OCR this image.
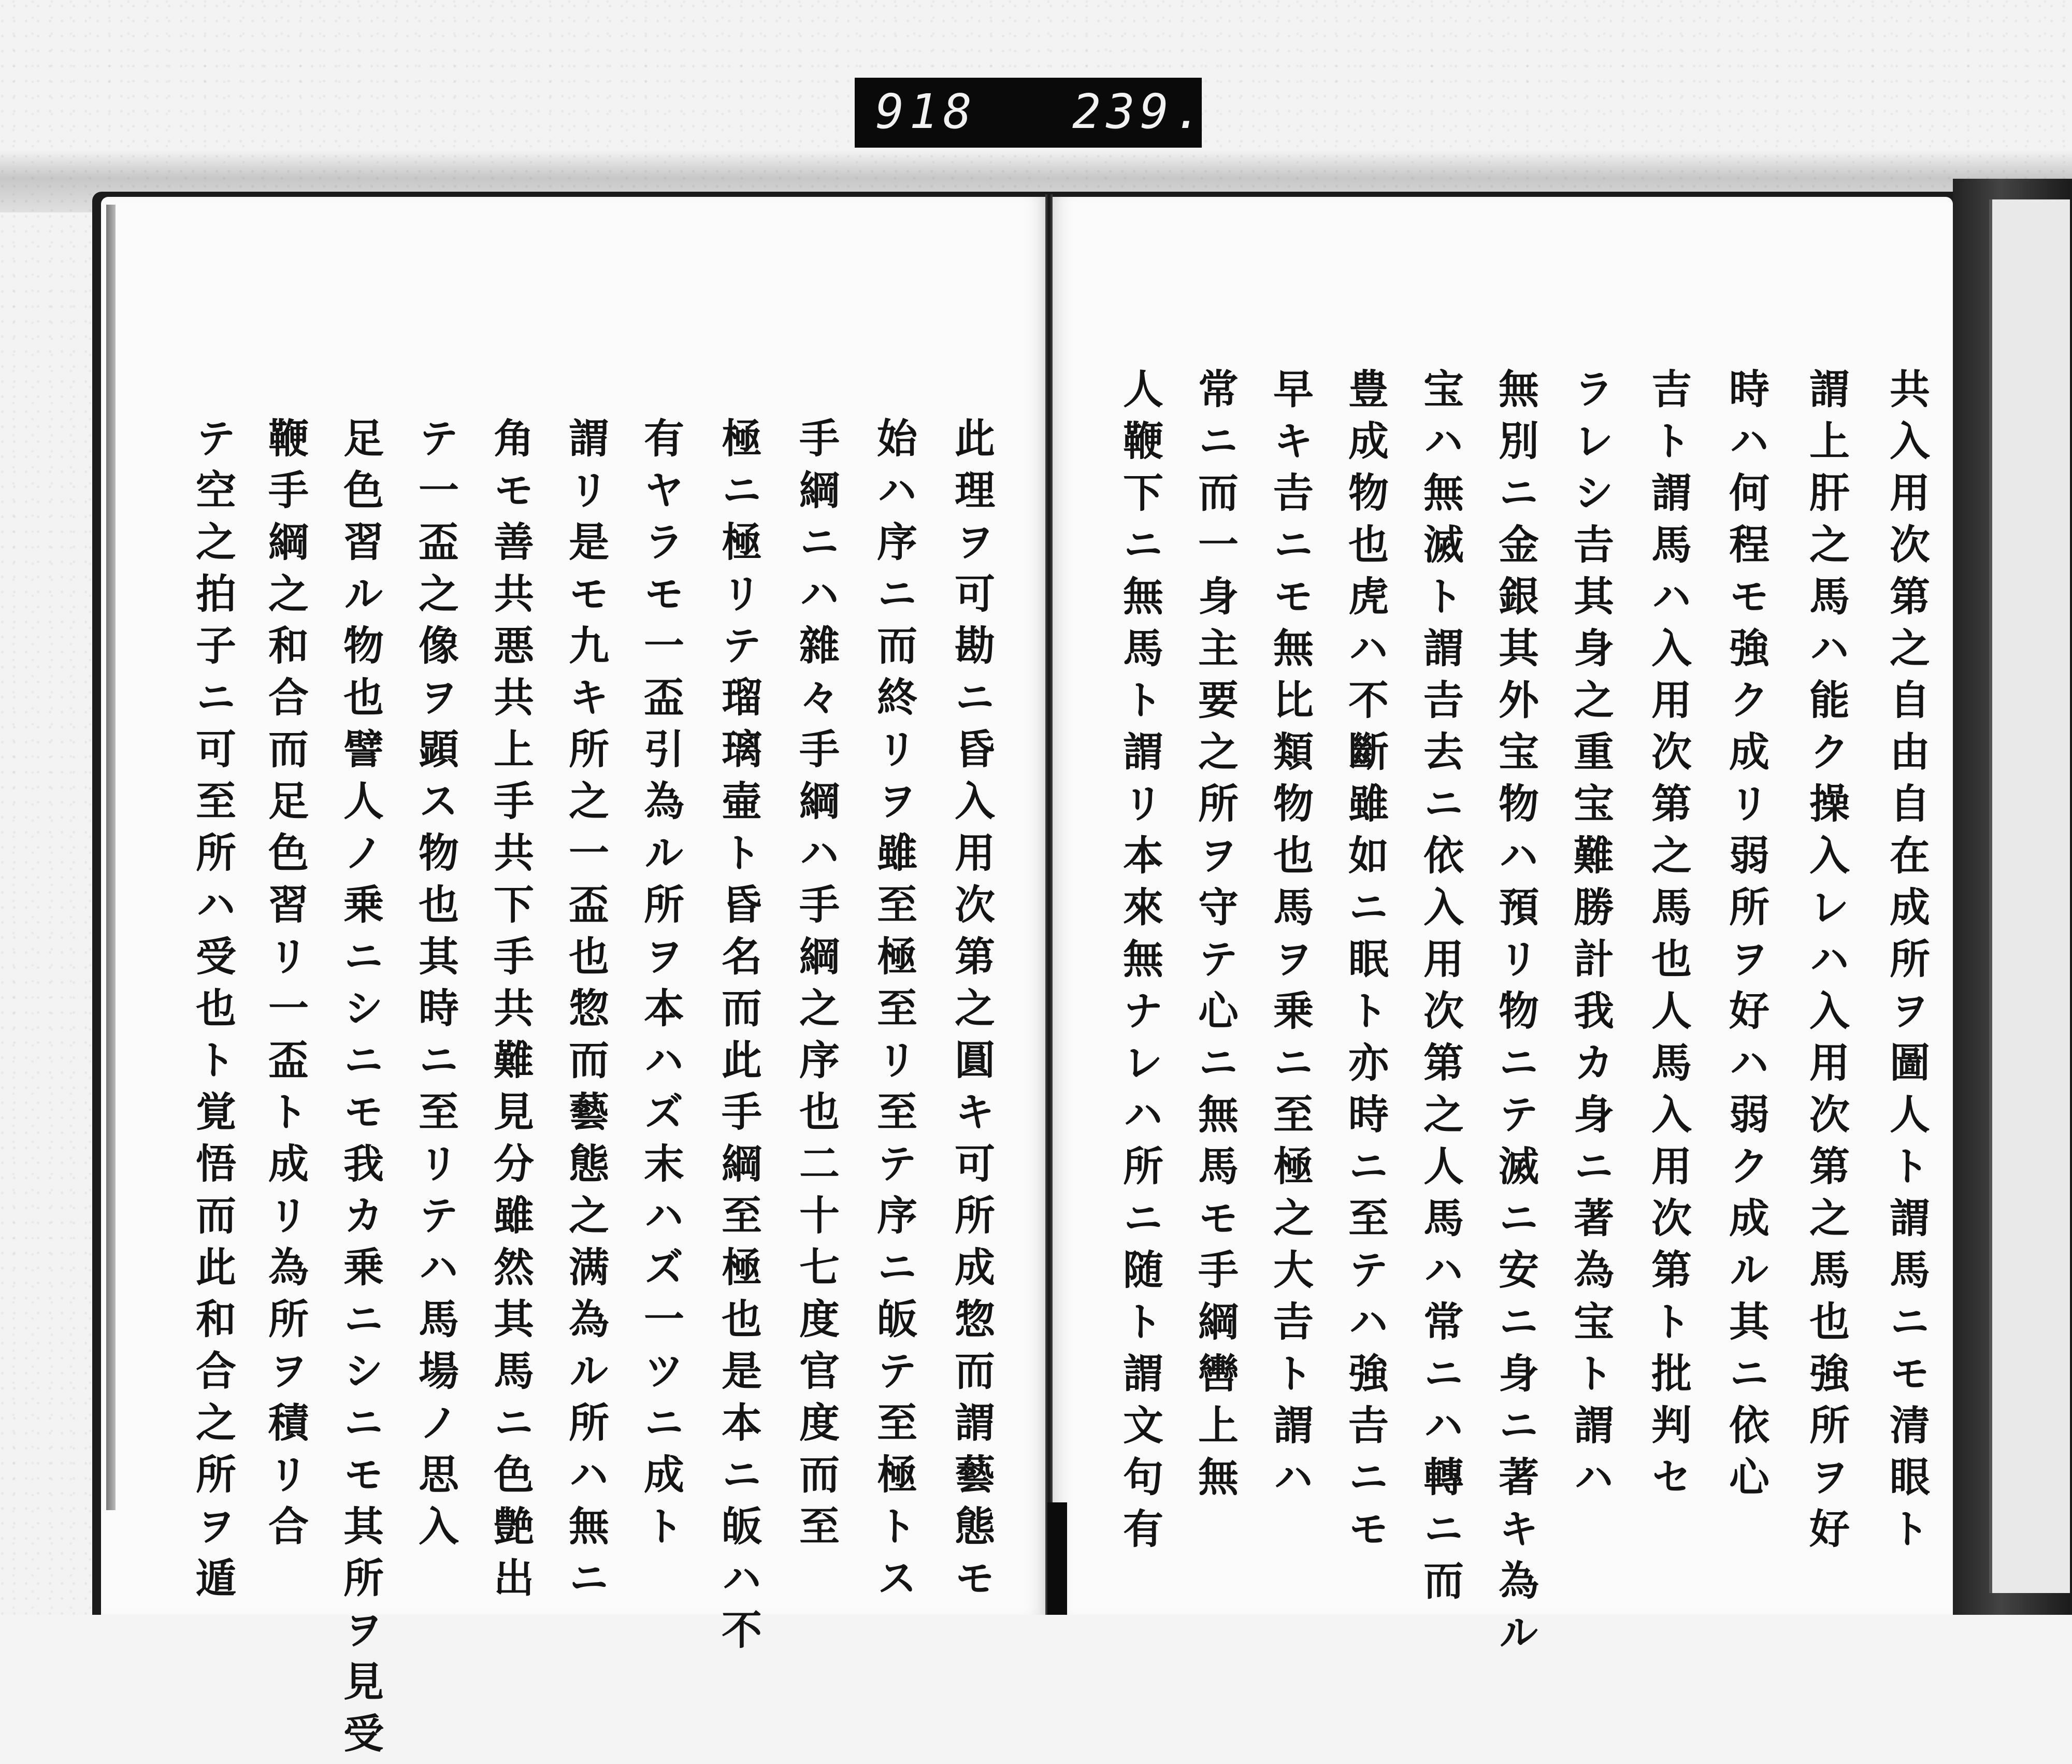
918 239.
此理ヲ可勘ニ昏入用次第之圓キ可所成惣而謂藝態モ
始ハ序ニ而終リヲ雖至極至リ至テ序ニ皈テ至極トス
手綱ニハ雜々手綱ハ手綱之序也二十七度官度而至
極ニ極リテ瑠璃壷ト昏名而此手綱至極也是本ニ皈ハ不
有ヤラモ一盃引為ル所ヲ本ハズ末ハズ一ツニ成ト
謂リ是モ九キ所之一盃也惣而藝態之满為ル所ハ無ニ
角モ善共悪共上手共下手共難見分雖然其馬ニ色艶出
テ一盃之像ヲ顕ス物也其時ニ至リテハ馬場ノ思入
足色習ル物也譬人ノ乗ニシニモ我カ乗ニシニモ其所ヲ見受
鞭手綱之和合而足色習リ一盃ト成リ為所ヲ積リ合
テ空之拍子ニ可至所ハ受也ト覚悟而此和合之所ヲ遁	共入用次第之自由自在成所ヲ圖人ト謂馬ニモ清眼ト
謂上肝之馬ハ能ク操入レハ入用次第之馬也強所ヲ好
時ハ何程モ強ク成リ弱所ヲ好ハ弱ク成ル其ニ依心
吉ト謂馬ハ入用次第之馬也人馬入用次第ト批判セ
ラレシ𠮷其身之重宝難勝計我カ身ニ著為宝ト謂ハ
無別ニ金銀其外宝物ハ預リ物ニテ滅ニ安ニ身ニ著キ為ル
宝ハ無滅ト謂𠮷去ニ依入用次第之人馬ハ常ニハ轉ニ而
豊成物也虎ハ不斷雖如ニ眠ト亦時ニ至テハ強𠮷ニモ
早キ𠮷ニモ無比類物也馬ヲ乗ニ至極之大𠮷ト謂ハ
常ニ而一身主要之所ヲ守テ心ニ無馬モ手綱轡上無
人鞭下ニ無馬ト謂リ本來無ナレハ所ニ随ト謂文句有
